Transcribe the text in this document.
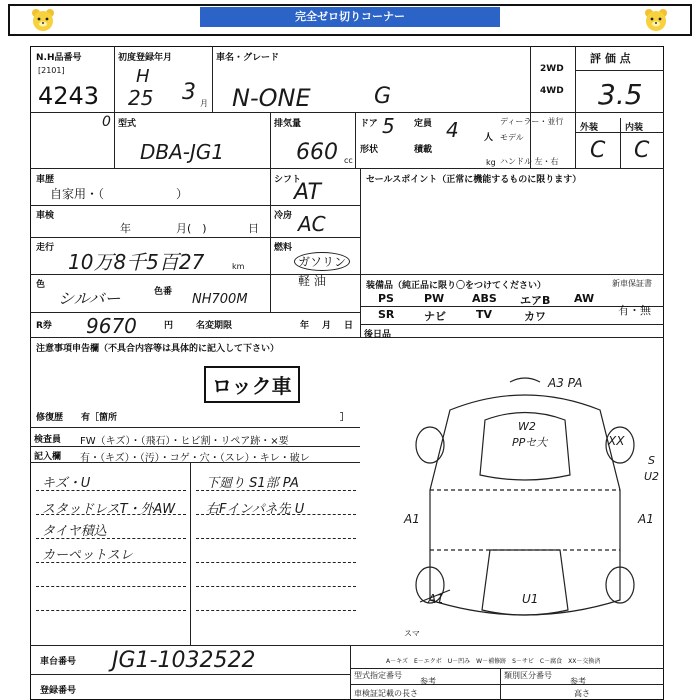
完全ゼロ切りコーナー
N.H品番号
[2101]
4243
0
初度登録年月
H
25 3 月
車名・グレード
N-ONE	G
2WD
4WD
評 価 点
3.5
型式
DBA-JG1
排気量
660 cc
ドア 5 定員 4	人
形状	積載
kg
ディーラー・並行
モデル
ハンドル 左・右
外装	内装
C C
車歴
自家用・（　　　　　　）
シフト
AT	セールスポイント（正常に機能するものに限ります）
車検
年	月(　)	日
冷房 AC
走行
10万8千5百27	km
燃料
ガソリン
軽 油
色
シルバー	色番 NH700M
R券 9670	円	名変期限	年 月 日
装備品（純正品に限り〇をつけてください）	新車保証書
有・無
PS	PW	ABS エアB AW
SR	ナビ	TV	カワ
後日品
注意事項申告欄（不具合内容等は具体的に記入して下さい）
ロック車
修復歴　　有［箇所	］
検査員 FW（キズ）・（飛石）・ヒビ割・リペア跡・×要
記入欄 有・（キズ）・（汚）・コゲ・穴・（スレ）・キレ・破レ
キズ・U
スタッドレスT・外AW
タイヤ積込
カーペットスレ
下廻り S1部 PA
右Fインパネ先 U
A3 PA
W2
PPセ大	XX
S
U2
A1	A1
U1
A1
スマ
車台番号 JG1-1032522
登録番号
A－キズ　E－エクボ　U－凹み　W－補修跡　S－サビ　C－腐食　XX－交換済
型式指定番号	類別区分番号
参考	参考
車検証記載の長さ	高さ
